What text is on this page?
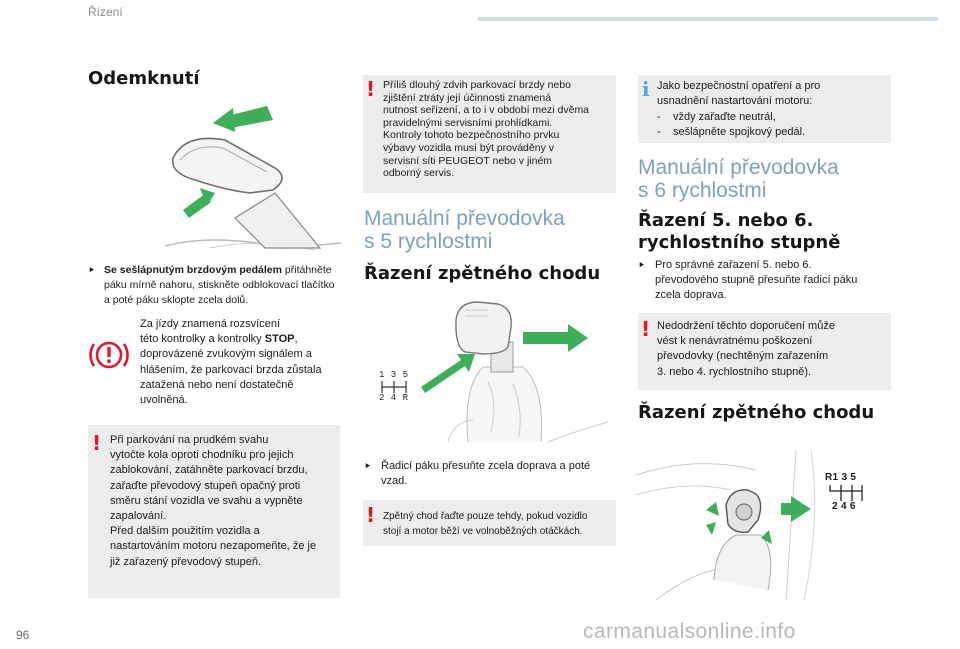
Řízení
Odemknutí
⯈ Se sešlápnutým brzdovým pedálem přitáhněte páku mírně nahoru, stiskněte odblokovací tlačítko a poté páku sklopte zcela dolů.
Za jízdy znamená rozsvícení
této kontrolky a kontrolky STOP,
doprovázené zvukovým signálem a
hlášením, že parkovací brzda zůstala
zatažená nebo není dostatečně
uvolněná.
! Při parkování na prudkém svahu
vytočte kola oproti chodníku pro jejich
zablokování, zatáhněte parkovací brzdu,
zařaďte převodový stupeň opačný proti
směru stání vozidla ve svahu a vypněte
zapalování.
Před dalším použitím vozidla a
nastartováním motoru nezapomeňte, že je
již zařazený převodový stupeň.
! Příliš dlouhý zdvih parkovací brzdy nebo
zjištění ztráty její účinnosti znamená
nutnost seřízení, a to i v období mezi dvěma
pravidelnými servisními prohlídkami.
Kontroly tohoto bezpečnostního prvku
výbavy vozidla musí být prováděny v
servisní síti PEUGEOT nebo v jiném
odborný servis.
Manuální převodovka
s 5 rychlostmi
Řazení zpětného chodu
1 3 5
2 4 R
⯈ Řadicí páku přesuňte zcela doprava a poté
vzad.
! Zpětný chod řaďte pouze tehdy, pokud vozidlo
stojí a motor běží ve volnoběžných otáčkách.
i Jako bezpečnostní opatření a pro
usnadnění nastartování motoru:
- vždy zařaďte neutrál,
- sešlápněte spojkový pedál.
Manuální převodovka
s 6 rychlostmi
Řazení 5. nebo 6.
rychlostního stupně
⯈ Pro správné zařazení 5. nebo 6.
převodového stupně přesuňte řadicí páku
zcela doprava.
! Nedodržení těchto doporučení může
vést k nenávratnému poškození
převodovky (nechtěným zařazením
3. nebo 4. rychlostního stupně).
Řazení zpětného chodu
R1 3 5
2 4 6
96	carmanualsonline.info
